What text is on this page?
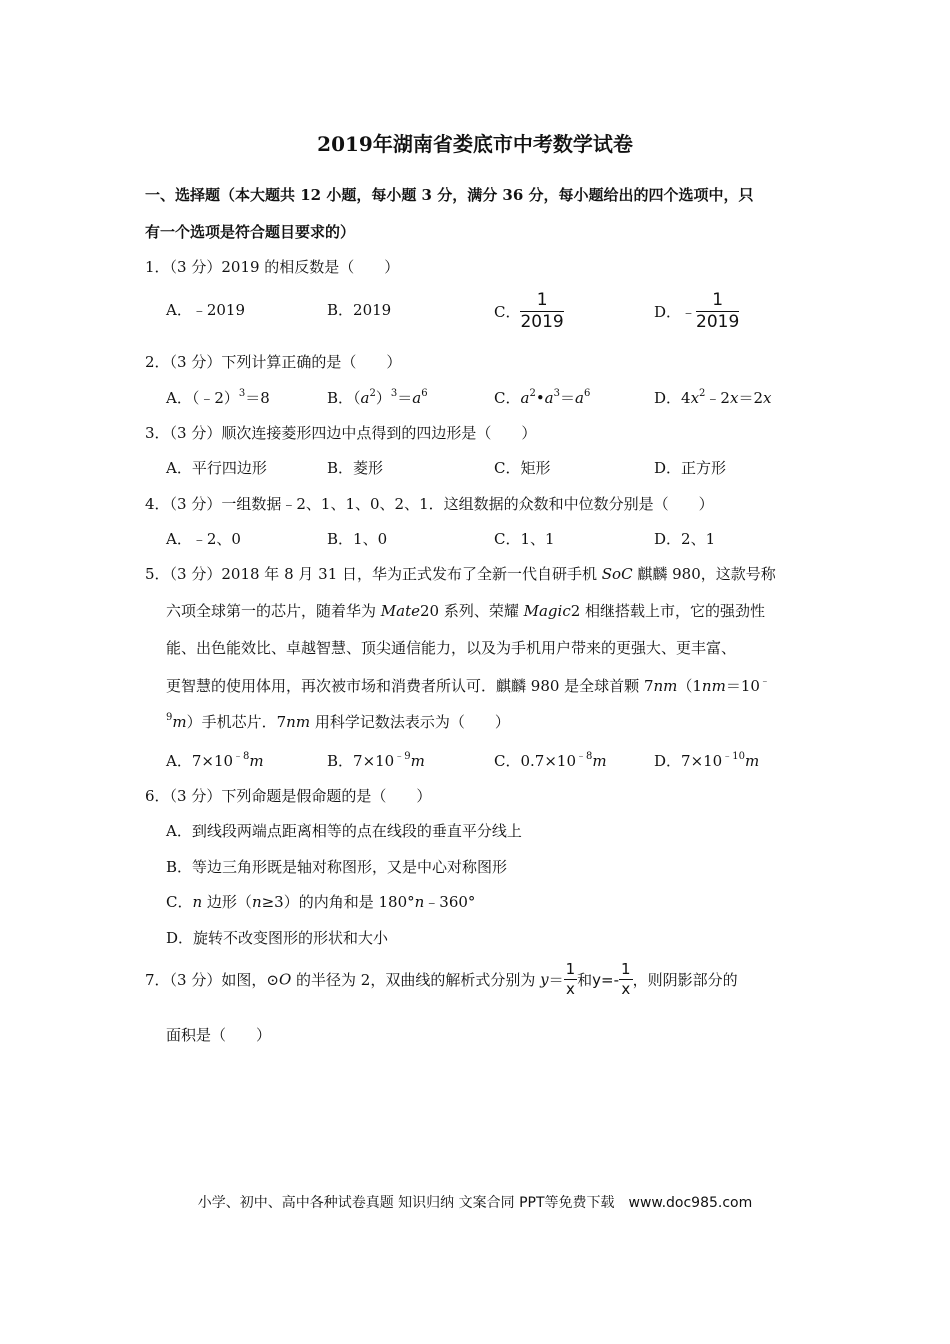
2019年湖南省娄底市中考数学试卷
一、选择题（本大题共 12 小题，每小题 3 分，满分 36 分，每小题给出的四个选项中，只
有一个选项是符合题目要求的）
1．（3 分）2019 的相反数是（　　）
A．﹣2019	B．2019	C． $\frac{1}{2019}$	D．﹣ $\frac{1}{2019}$
2．（3 分）下列计算正确的是（　　）
A．（﹣2）$^3$＝8	B．$(a^2)^3=a^6$	C．$a^2•a^3=a^6$	D．$4x^2﹣2x=2x$
3．（3 分）顺次连接菱形四边中点得到的四边形是（　　）
A．平行四边形	B．菱形	C．矩形	D．正方形
4．（3 分）一组数据﹣2、1、1、0、2、1．这组数据的众数和中位数分别是（　　）
A．﹣2、0	B．1、0	C．1、1	D．2、1
5．（3 分）2018 年 8 月 31 日，华为正式发布了全新一代自研手机 SoC 麒麟 980，这款号称
六项全球第一的芯片，随着华为 Mate20 系列、荣耀 Magic2 相继搭载上市，它的强劲性
能、出色能效比、卓越智慧、顶尖通信能力，以及为手机用户带来的更强大、更丰富、
更智慧的使用体用，再次被市场和消费者所认可．麒麟 980 是全球首颗 7nm（1nm＝10﹣
$^9$m）手机芯片．7nm 用科学记数法表示为（　　）
A．$7\times 10^{﹣8}m$	B．$7\times 10^{﹣9}m$	C．$0.7\times 10^{﹣8}m$	D．$7\times 10^{﹣10}m$
6．（3 分）下列命题是假命题的是（　　）
A．到线段两端点距离相等的点在线段的垂直平分线上
B．等边三角形既是轴对称图形，又是中心对称图形
C．n 边形（n≥3）的内角和是 180°n﹣360°
D．旋转不改变图形的形状和大小
7．（3 分）如图，⊙O 的半径为 2，双曲线的解析式分别为 $y= \frac{1}{x}$ 和$y=- \frac{1}{x}$ ，则阴影部分的
面积是（　　）
小学、初中、高中各种试卷真题 知识归纳 文案合同 PPT等免费下载　www.doc985.com
